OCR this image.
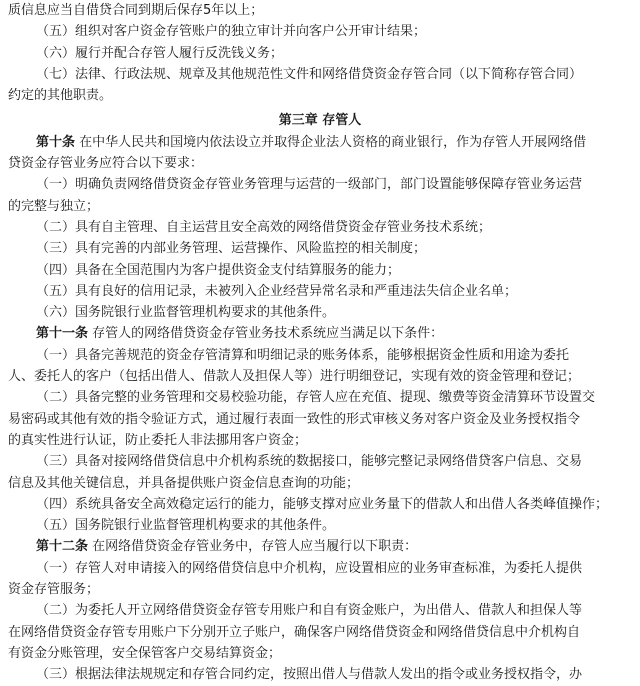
质信息应当自借贷合同到期后保存5年以上；
（五）组织对客户资金存管账户的独立审计并向客户公开审计结果；
（六）履行并配合存管人履行反洗钱义务；
（七）法律、行政法规、规章及其他规范性文件和网络借贷资金存管合同（以下简称存管合同）
约定的其他职责。
第三章 存管人
第十条 在中华人民共和国境内依法设立并取得企业法人资格的商业银行，作为存管人开展网络借
贷资金存管业务应符合以下要求：
（一）明确负责网络借贷资金存管业务管理与运营的一级部门，部门设置能够保障存管业务运营
的完整与独立；
（二）具有自主管理、自主运营且安全高效的网络借贷资金存管业务技术系统；
（三）具有完善的内部业务管理、运营操作、风险监控的相关制度；
（四）具备在全国范围内为客户提供资金支付结算服务的能力；
（五）具有良好的信用记录，未被列入企业经营异常名录和严重违法失信企业名单；
（六）国务院银行业监督管理机构要求的其他条件。
第十一条 存管人的网络借贷资金存管业务技术系统应当满足以下条件：
（一）具备完善规范的资金存管清算和明细记录的账务体系，能够根据资金性质和用途为委托
人、委托人的客户（包括出借人、借款人及担保人等）进行明细登记，实现有效的资金管理和登记；
（二）具备完整的业务管理和交易校验功能，存管人应在充值、提现、缴费等资金清算环节设置交
易密码或其他有效的指令验证方式，通过履行表面一致性的形式审核义务对客户资金及业务授权指令
的真实性进行认证，防止委托人非法挪用客户资金；
（三）具备对接网络借贷信息中介机构系统的数据接口，能够完整记录网络借贷客户信息、交易
信息及其他关键信息，并具备提供账户资金信息查询的功能；
（四）系统具备安全高效稳定运行的能力，能够支撑对应业务量下的借款人和出借人各类峰值操作；
（五）国务院银行业监督管理机构要求的其他条件。
第十二条 在网络借贷资金存管业务中，存管人应当履行以下职责：
（一）存管人对申请接入的网络借贷信息中介机构，应设置相应的业务审查标准，为委托人提供
资金存管服务；
（二）为委托人开立网络借贷资金存管专用账户和自有资金账户，为出借人、借款人和担保人等
在网络借贷资金存管专用账户下分别开立子账户，确保客户网络借贷资金和网络借贷信息中介机构自
有资金分账管理，安全保管客户交易结算资金；
（三）根据法律法规规定和存管合同约定，按照出借人与借款人发出的指令或业务授权指令，办
